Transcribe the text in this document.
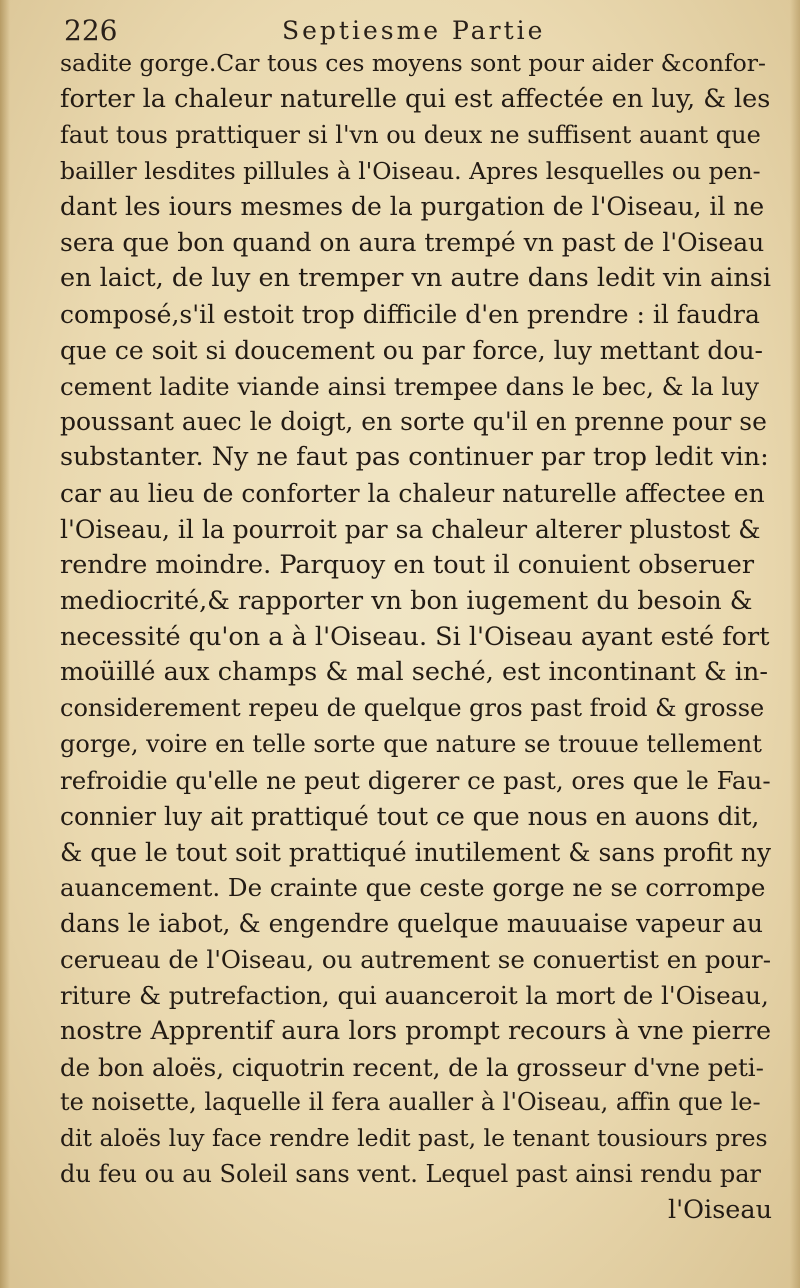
226	Septiesme Partie
sadite gorge.Car tous ces moyens sont pour aider &confor-
forter la chaleur naturelle qui est affectée en luy, & les
faut tous prattiquer si l'vn ou deux ne suffisent auant que
bailler lesdites pillules à l'Oiseau. Apres lesquelles ou pen-
dant les iours mesmes de la purgation de l'Oiseau, il ne
sera que bon quand on aura trempé vn past de l'Oiseau
en laict, de luy en tremper vn autre dans ledit vin ainsi
composé,s'il estoit trop difficile d'en prendre : il faudra
que ce soit si doucement ou par force, luy mettant dou-
cement ladite viande ainsi trempee dans le bec, & la luy
poussant auec le doigt, en sorte qu'il en prenne pour se
substanter. Ny ne faut pas continuer par trop ledit vin:
car au lieu de conforter la chaleur naturelle affectee en
l'Oiseau, il la pourroit par sa chaleur alterer plustost &
rendre moindre. Parquoy en tout il conuient obseruer
mediocrité,& rapporter vn bon iugement du besoin &
necessité qu'on a à l'Oiseau. Si l'Oiseau ayant esté fort
moüillé aux champs & mal seché, est incontinant & in-
considerement repeu de quelque gros past froid & grosse
gorge, voire en telle sorte que nature se trouue tellement
refroidie qu'elle ne peut digerer ce past, ores que le Fau-
connier luy ait prattiqué tout ce que nous en auons dit,
& que le tout soit prattiqué inutilement & sans profit ny
auancement. De crainte que ceste gorge ne se corrompe
dans le iabot, & engendre quelque mauuaise vapeur au
cerueau de l'Oiseau, ou autrement se conuertist en pour-
riture & putrefaction, qui auanceroit la mort de l'Oiseau,
nostre Apprentif aura lors prompt recours à vne pierre
de bon aloës, ciquotrin recent, de la grosseur d'vne peti-
te noisette, laquelle il fera aualler à l'Oiseau, affin que le-
dit aloës luy face rendre ledit past, le tenant tousiours pres
du feu ou au Soleil sans vent. Lequel past ainsi rendu par
l'Oiseau
